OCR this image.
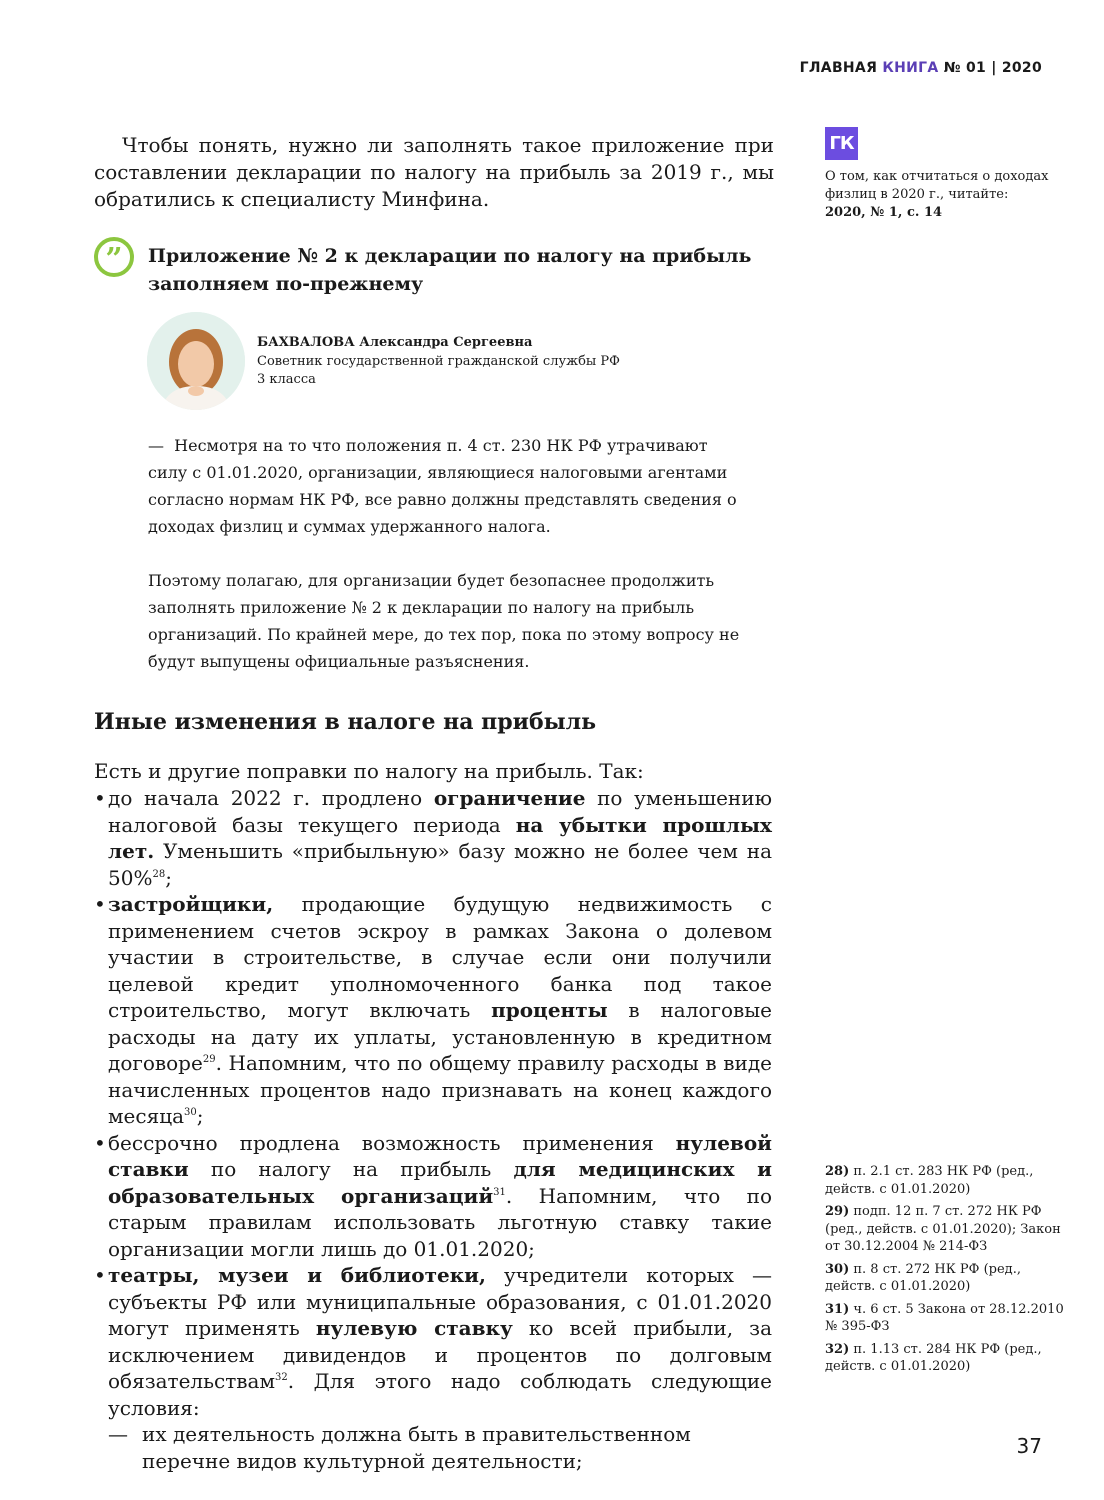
ГЛАВНАЯ КНИГА № 01 | 2020

Чтобы понять, нужно ли заполнять такое приложение при составлении декларации по налогу на прибыль за 2019 г., мы обратились к специалисту Минфина.

” Приложение № 2 к декларации по налогу на прибыль заполняем по-прежнему

БАХВАЛОВА Александра Сергеевна
Советник государственной гражданской службы РФ
3 класса

— Несмотря на то что положения п. 4 ст. 230 НК РФ утрачивают силу с 01.01.2020, организации, являющиеся налоговыми агентами согласно нормам НК РФ, все равно должны представлять сведения о доходах физлиц и суммах удержанного налога.

Поэтому полагаю, для организации будет безопаснее продолжить заполнять приложение № 2 к декларации по налогу на прибыль организаций. По крайней мере, до тех пор, пока по этому вопросу не будут выпущены официальные разъяснения.

Иные изменения в налоге на прибыль

Есть и другие поправки по налогу на прибыль. Так:

• до начала 2022 г. продлено ограничение по уменьшению налоговой базы текущего периода на убытки прошлых лет. Уменьшить «прибыльную» базу можно не более чем на 50%$^{28}$;
• застройщики, продающие будущую недвижимость с применением счетов эскроу в рамках Закона о долевом участии в строительстве, в случае если они получили целевой кредит уполномоченного банка под такое строительство, могут включать проценты в налоговые расходы на дату их уплаты, установленную в кредитном договоре$^{29}$. Напомним, что по общему правилу расходы в виде начисленных процентов надо признавать на конец каждого месяца$^{30}$;
• бессрочно продлена возможность применения нулевой ставки по налогу на прибыль для медицинских и образовательных организаций$^{31}$. Напомним, что по старым правилам использовать льготную ставку такие организации могли лишь до 01.01.2020;
• театры, музеи и библиотеки, учредители которых — субъекты РФ или муниципальные образования, с 01.01.2020 могут применять нулевую ставку ко всей прибыли, за исключением дивидендов и процентов по долговым обязательствам$^{32}$. Для этого надо соблюдать следующие условия:
— их деятельность должна быть в правительственном перечне видов культурной деятельности;
ГК
О том, как отчитаться о доходах физлиц в 2020 г., читайте:
2020, № 1, с. 14
28) п. 2.1 ст. 283 НК РФ (ред., действ. с 01.01.2020)
29) подп. 12 п. 7 ст. 272 НК РФ (ред., действ. с 01.01.2020); Закон от 30.12.2004 № 214-ФЗ
30) п. 8 ст. 272 НК РФ (ред., действ. с 01.01.2020)
31) ч. 6 ст. 5 Закона от 28.12.2010 № 395-ФЗ
32) п. 1.13 ст. 284 НК РФ (ред., действ. с 01.01.2020)
37
